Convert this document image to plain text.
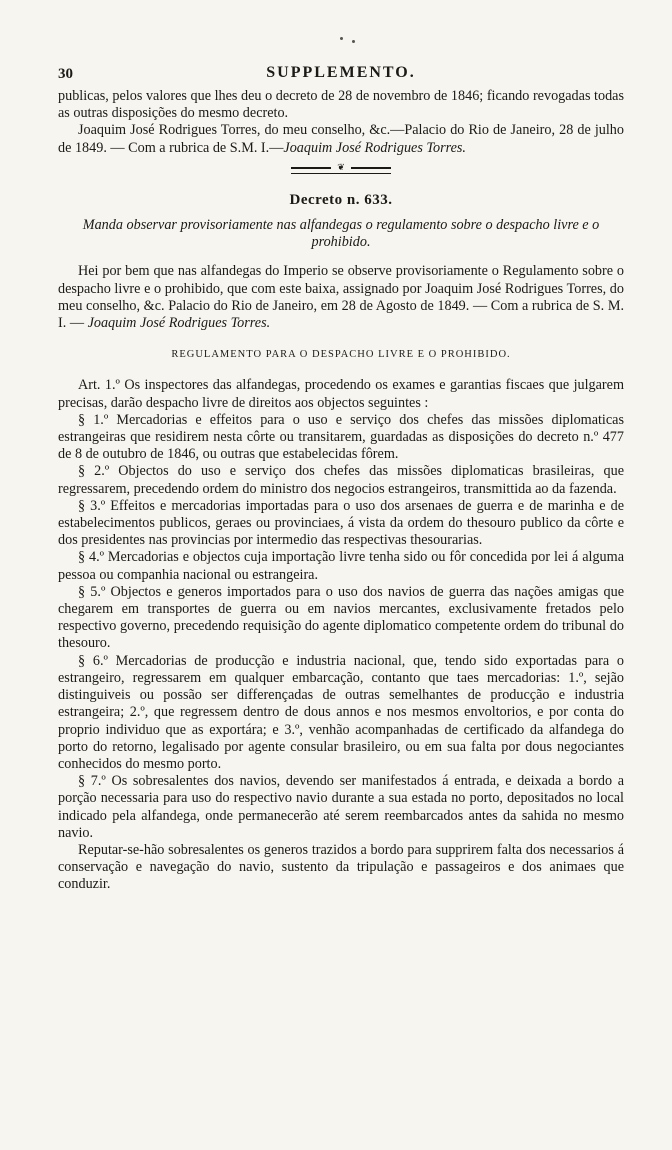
30	SUPPLEMENTO.

publicas, pelos valores que lhes deu o decreto de 28 de novembro de 1846; ficando revogadas todas as outras disposições do mesmo decreto.

Joaquim José Rodrigues Torres, do meu conselho, &c.—Palacio do Rio de Janeiro, 28 de julho de 1849. — Com a rubrica de S.M. I.—Joaquim José Rodrigues Torres.

❦
Decreto n. 633.
Manda observar provisoriamente nas alfandegas o regulamento sobre o despacho livre e o prohibido.

Hei por bem que nas alfandegas do Imperio se observe provisoriamente o Regulamento sobre o despacho livre e o prohibido, que com este baixa, assignado por Joaquim José Rodrigues Torres, do meu conselho, &c. Palacio do Rio de Janeiro, em 28 de Agosto de 1849. — Com a rubrica de S. M. I. — Joaquim José Rodrigues Torres.

REGULAMENTO PARA O DESPACHO LIVRE E O PROHIBIDO.

Art. 1.º Os inspectores das alfandegas, procedendo os exames e garantias fiscaes que julgarem precisas, darão despacho livre de direitos aos objectos seguintes :

§ 1.º Mercadorias e effeitos para o uso e serviço dos chefes das missões diplomaticas estrangeiras que residirem nesta côrte ou transitarem, guardadas as disposições do decreto n.º 477 de 8 de outubro de 1846, ou outras que estabelecidas fôrem.

§ 2.º Objectos do uso e serviço dos chefes das missões diplomaticas brasileiras, que regressarem, precedendo ordem do ministro dos negocios estrangeiros, transmittida ao da fazenda.

§ 3.º Effeitos e mercadorias importadas para o uso dos arsenaes de guerra e de marinha e de estabelecimentos publicos, geraes ou provinciaes, á vista da ordem do thesouro publico da côrte e dos presidentes nas provincias por intermedio das respectivas thesourarias.

§ 4.º Mercadorias e objectos cuja importação livre tenha sido ou fôr concedida por lei á alguma pessoa ou companhia nacional ou estrangeira.

§ 5.º Objectos e generos importados para o uso dos navios de guerra das nações amigas que chegarem em transportes de guerra ou em navios mercantes, exclusivamente fretados pelo respectivo governo, precedendo requisição do agente diplomatico competente ordem do tribunal do thesouro.

§ 6.º Mercadorias de producção e industria nacional, que, tendo sido exportadas para o estrangeiro, regressarem em qualquer embarcação, contanto que taes mercadorias: 1.º, sejão distinguiveis ou possão ser differençadas de outras semelhantes de producção e industria estrangeira; 2.º, que regressem dentro de dous annos e nos mesmos envoltorios, e por conta do proprio individuo que as exportára; e 3.º, venhão acompanhadas de certificado da alfandega do porto do retorno, legalisado por agente consular brasileiro, ou em sua falta por dous negociantes conhecidos do mesmo porto.

§ 7.º Os sobresalentes dos navios, devendo ser manifestados á entrada, e deixada a bordo a porção necessaria para uso do respectivo navio durante a sua estada no porto, depositados no local indicado pela alfandega, onde permanecerão até serem reembarcados antes da sahida no mesmo navio.

Reputar-se-hão sobresalentes os generos trazidos a bordo para supprirem falta dos necessarios á conservação e navegação do navio, sustento da tripulação e passageiros e dos animaes que conduzir.
